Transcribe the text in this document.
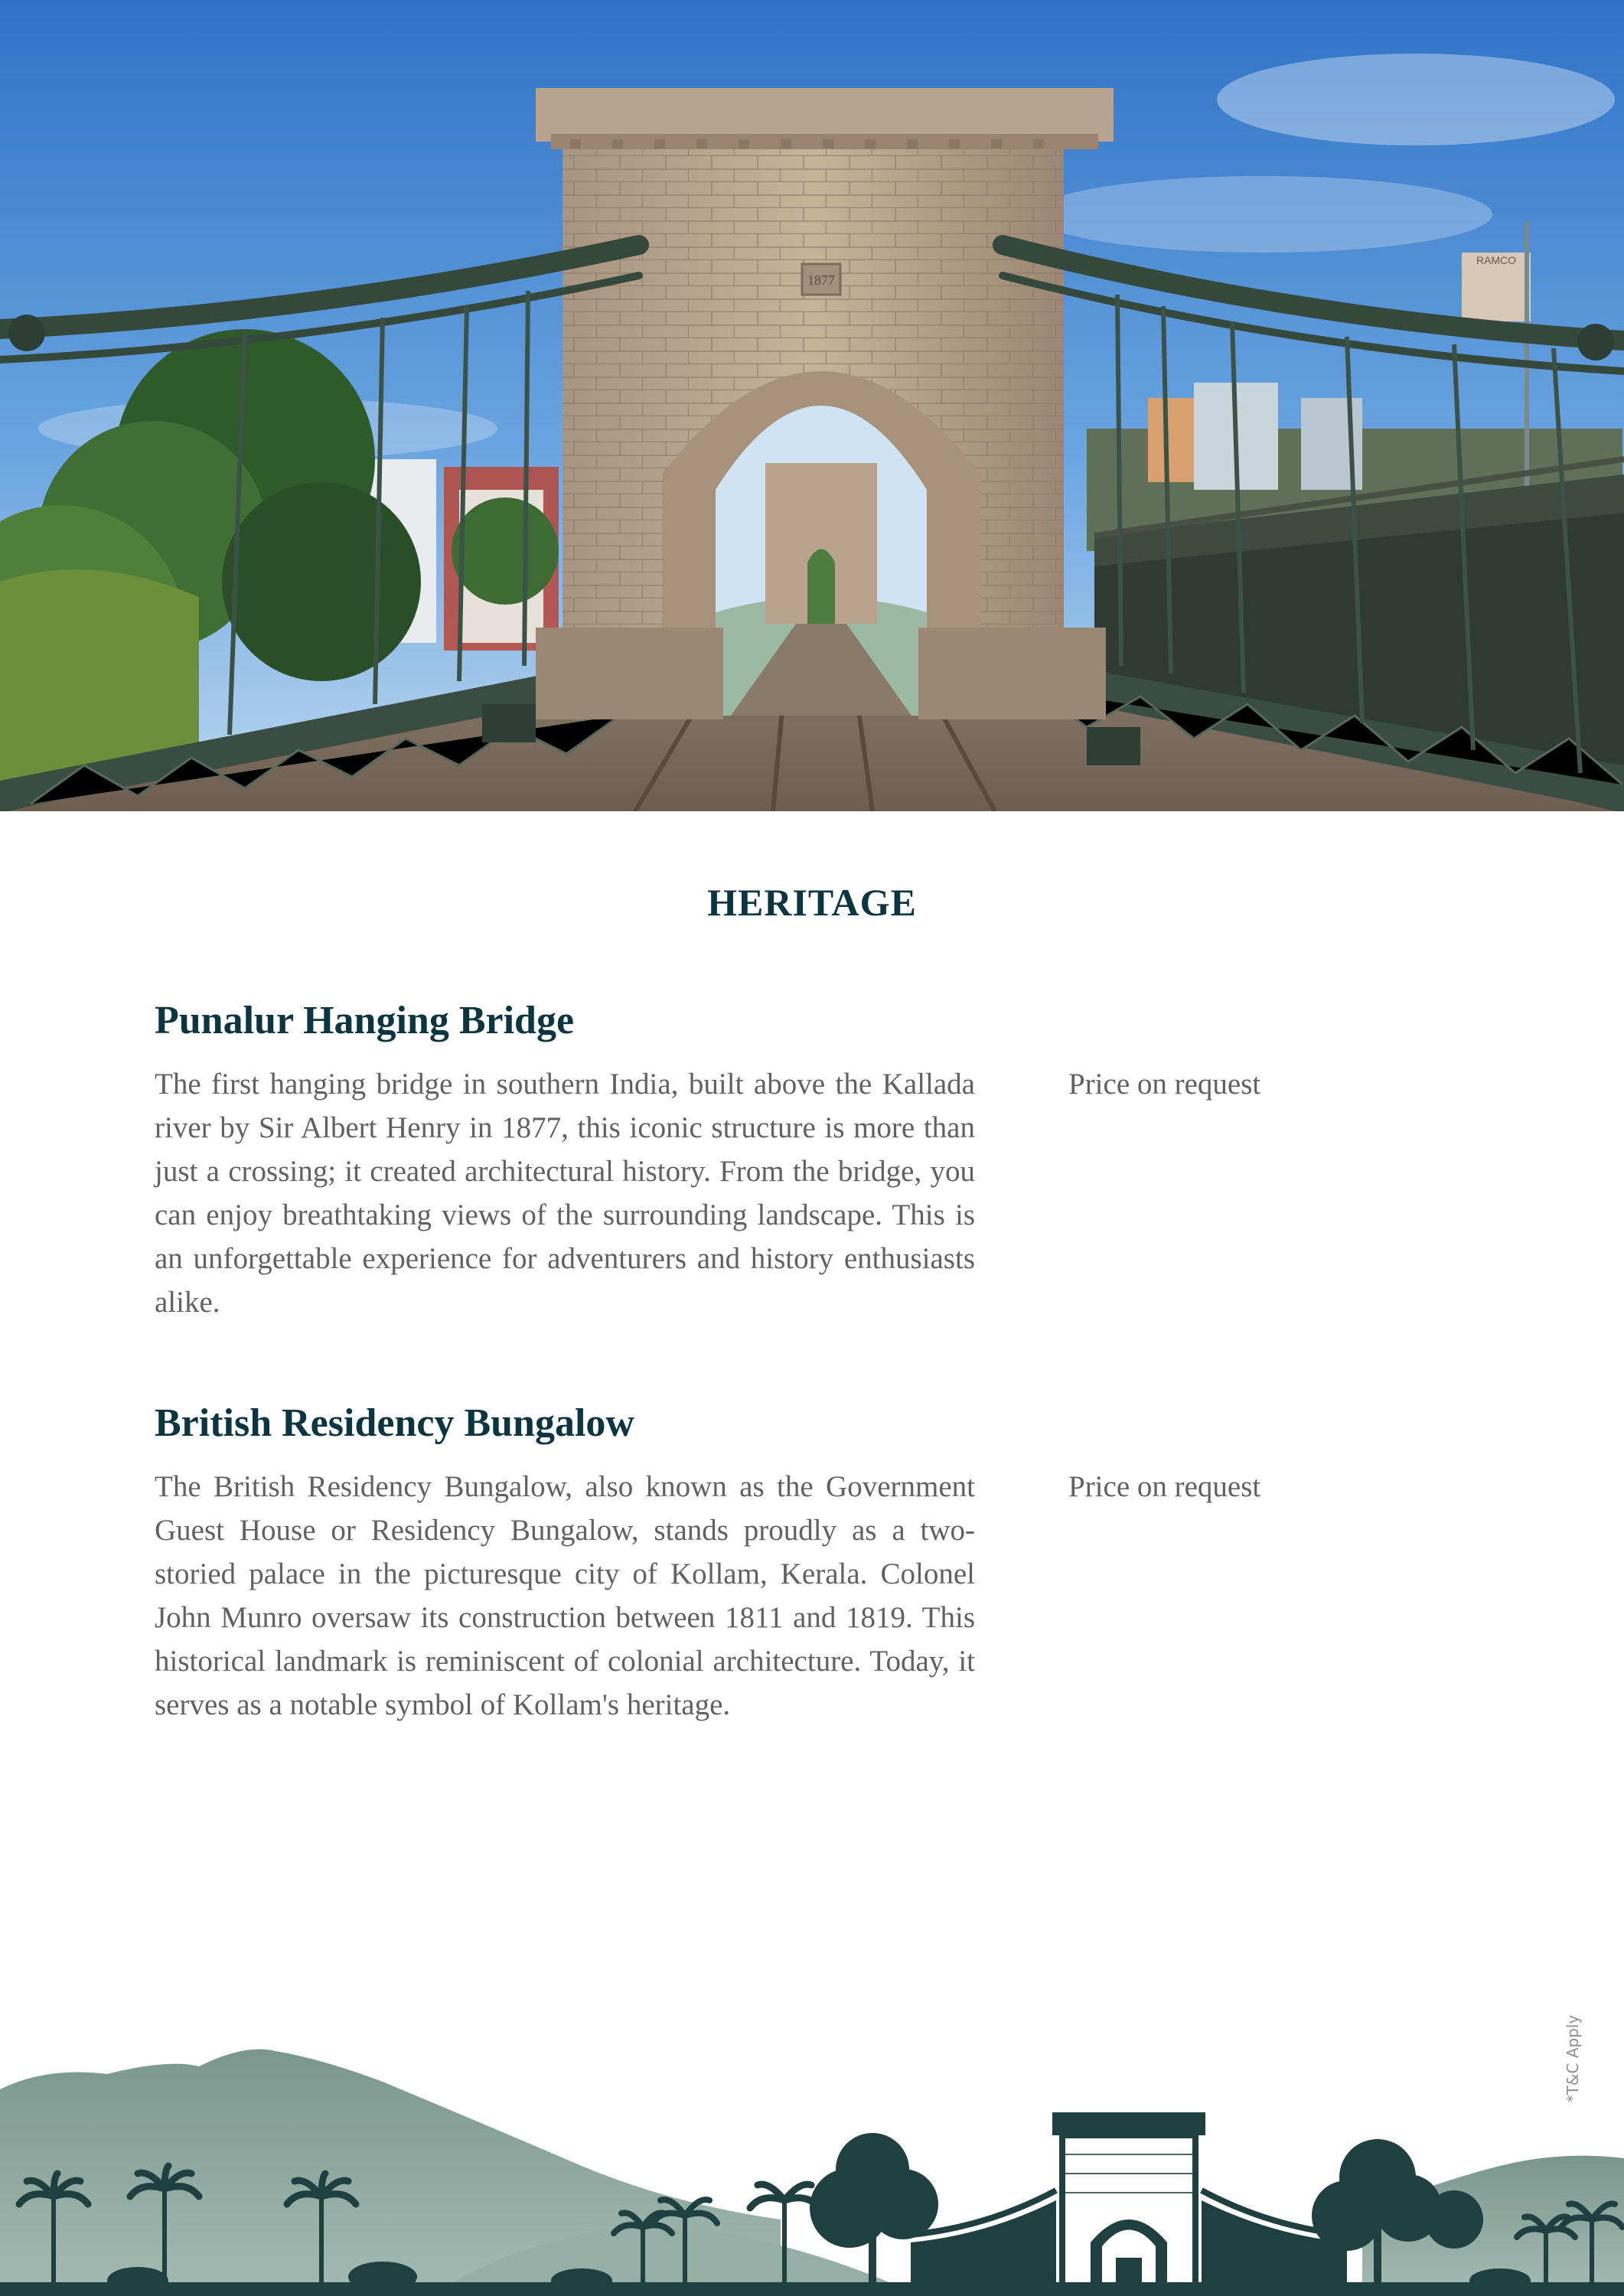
RAMCO
1877
HERITAGE
Punalur Hanging Bridge

The first hanging bridge in southern India, built above the Kallada river by Sir Albert Henry in 1877, this iconic structure is more than just a crossing; it created architectural history. From the bridge, you can enjoy breathtaking views of the surrounding landscape. This is an unforgettable experience for adventurers and history enthusiasts alike.

Price on request
British Residency Bungalow

The British Residency Bungalow, also known as the Government Guest House or Residency Bungalow, stands proudly as a two-storied palace in the picturesque city of Kollam, Kerala. Colonel John Munro oversaw its construction between 1811 and 1819. This historical landmark is reminiscent of colonial architecture. Today, it serves as a notable symbol of Kollam's heritage.

Price on request
*T&C Apply
